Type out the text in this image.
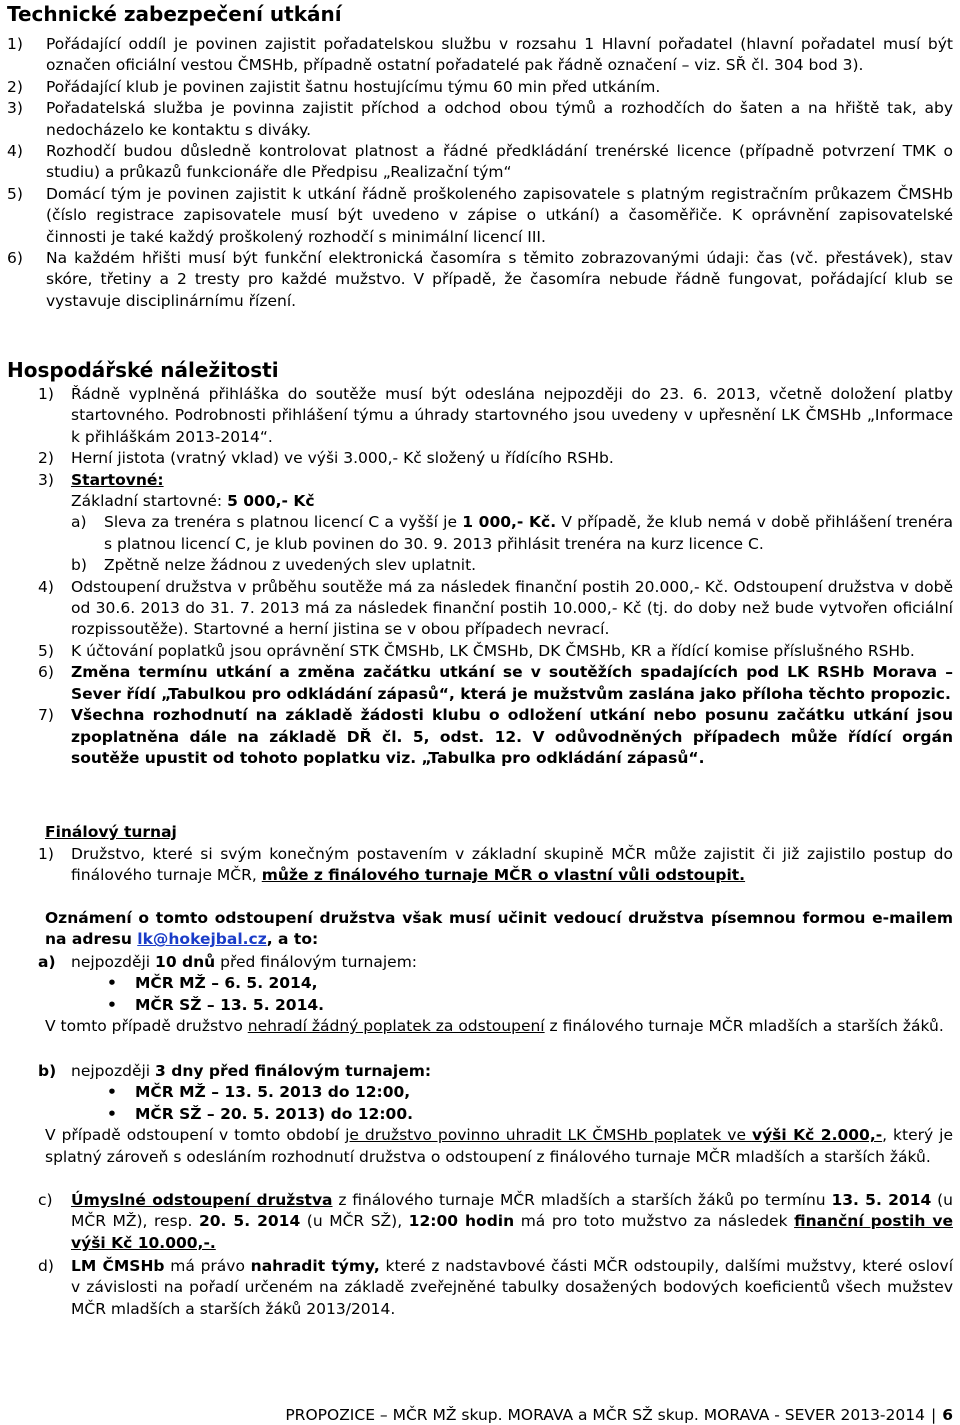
Technické zabezpečení utkání
1) Pořádající oddíl je povinen zajistit pořadatelskou službu v rozsahu 1 Hlavní pořadatel (hlavní pořadatel musí být označen oficiální vestou ČMSHb, případně ostatní pořadatelé pak řádně označení – viz. SŘ čl. 304 bod 3).
2) Pořádající klub je povinen zajistit šatnu hostujícímu týmu 60 min před utkáním.
3) Pořadatelská služba je povinna zajistit příchod a odchod obou týmů a rozhodčích do šaten a na hřiště tak, aby nedocházelo ke kontaktu s diváky.
4) Rozhodčí budou důsledně kontrolovat platnost a řádné předkládání trenérské licence (případně potvrzení TMK o studiu) a průkazů funkcionáře dle Předpisu „Realizační tým“
5) Domácí tým je povinen zajistit k utkání řádně proškoleného zapisovatele s platným registračním průkazem ČMSHb (číslo registrace zapisovatele musí být uvedeno v zápise o utkání) a časoměřiče. K oprávnění zapisovatelské činnosti je také každý proškolený rozhodčí s minimální licencí III.
6) Na každém hřišti musí být funkční elektronická časomíra s těmito zobrazovanými údaji: čas (vč. přestávek), stav skóre, třetiny a 2 tresty pro každé mužstvo. V případě, že časomíra nebude řádně fungovat, pořádající klub se vystavuje disciplinárnímu řízení.
Hospodářské náležitosti
1) Řádně vyplněná přihláška do soutěže musí být odeslána nejpozději do 23. 6. 2013, včetně doložení platby startovného. Podrobnosti přihlášení týmu a úhrady startovného jsou uvedeny v upřesnění LK ČMSHb „Informace k přihláškám 2013-2014“.
2) Herní jistota (vratný vklad) ve výši 3.000,- Kč složený u řídícího RSHb.
3) Startovné:
Základní startovné: 5 000,- Kč
a) Sleva za trenéra s platnou licencí C a vyšší je 1 000,- Kč. V případě, že klub nemá v době přihlášení trenéra s platnou licencí C, je klub povinen do 30. 9. 2013 přihlásit trenéra na kurz licence C.
b) Zpětně nelze žádnou z uvedených slev uplatnit.
4) Odstoupení družstva v průběhu soutěže má za následek finanční postih 20.000,- Kč. Odstoupení družstva v době od 30.6. 2013 do 31. 7. 2013 má za následek finanční postih 10.000,- Kč (tj. do doby než bude vytvořen oficiální rozpissoutěže). Startovné a herní jistina se v obou případech nevrací.
5) K účtování poplatků jsou oprávnění STK ČMSHb, LK ČMSHb, DK ČMSHb, KR a řídící komise příslušného RSHb.
6) Změna termínu utkání a změna začátku utkání se v soutěžích spadajících pod LK RSHb Morava – Sever řídí „Tabulkou pro odkládání zápasů“, která je mužstvům zaslána jako příloha těchto propozic.
7) Všechna rozhodnutí na základě žádosti klubu o odložení utkání nebo posunu začátku utkání jsou zpoplatněna dále na základě DŘ čl. 5, odst. 12. V odůvodněných případech může řídící orgán soutěže upustit od tohoto poplatku viz. „Tabulka pro odkládání zápasů“.
Finálový turnaj
1) Družstvo, které si svým konečným postavením v základní skupině MČR může zajistit či již zajistilo postup do finálového turnaje MČR, může z finálového turnaje MČR o vlastní vůli odstoupit.
Oznámení o tomto odstoupení družstva však musí učinit vedoucí družstva písemnou formou e-mailem na adresu lk@hokejbal.cz, a to:
a) nejpozději 10 dnů před finálovým turnajem:
• MČR MŽ – 6. 5. 2014,
• MČR SŽ – 13. 5. 2014.
V tomto případě družstvo nehradí žádný poplatek za odstoupení z finálového turnaje MČR mladších a starších žáků.
b) nejpozději 3 dny před finálovým turnajem:
• MČR MŽ – 13. 5. 2013 do 12:00,
• MČR SŽ – 20. 5. 2013) do 12:00.
V případě odstoupení v tomto období je družstvo povinno uhradit LK ČMSHb poplatek ve výši Kč 2.000,-, který je splatný zároveň s odesláním rozhodnutí družstva o odstoupení z finálového turnaje MČR mladších a starších žáků.
c) Úmyslné odstoupení družstva z finálového turnaje MČR mladších a starších žáků po termínu 13. 5. 2014 (u MČR MŽ), resp. 20. 5. 2014 (u MČR SŽ), 12:00 hodin má pro toto mužstvo za následek finanční postih ve výši Kč 10.000,-.
d) LM ČMSHb má právo nahradit týmy, které z nadstavbové části MČR odstoupily, dalšími mužstvy, které osloví v závislosti na pořadí určeném na základě zveřejněné tabulky dosažených bodových koeficientů všech mužstev MČR mladších a starších žáků 2013/2014.
PROPOZICE – MČR MŽ skup. MORAVA a MČR SŽ skup. MORAVA - SEVER 2013-2014 | 6
